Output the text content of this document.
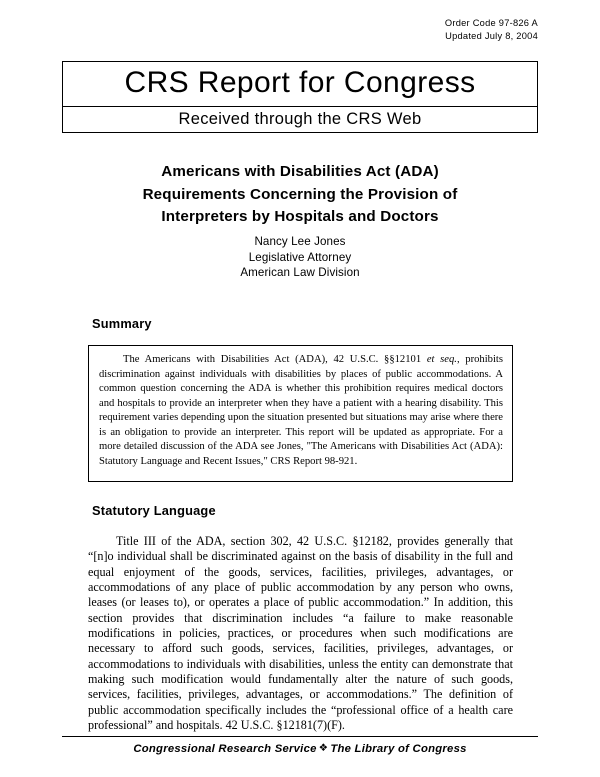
Order Code 97-826 A
Updated July 8, 2004
CRS Report for Congress
Received through the CRS Web
Americans with Disabilities Act (ADA)
Requirements Concerning the Provision of
Interpreters by Hospitals and Doctors
Nancy Lee Jones
Legislative Attorney
American Law Division
Summary
The Americans with Disabilities Act (ADA), 42 U.S.C. §§12101 et seq., prohibits discrimination against individuals with disabilities by places of public accommodations. A common question concerning the ADA is whether this prohibition requires medical doctors and hospitals to provide an interpreter when they have a patient with a hearing disability. This requirement varies depending upon the situation presented but situations may arise where there is an obligation to provide an interpreter. This report will be updated as appropriate. For a more detailed discussion of the ADA see Jones, "The Americans with Disabilities Act (ADA): Statutory Language and Recent Issues," CRS Report 98-921.
Statutory Language
Title III of the ADA, section 302, 42 U.S.C. §12182, provides generally that “[n]o individual shall be discriminated against on the basis of disability in the full and equal enjoyment of the goods, services, facilities, privileges, advantages, or accommodations of any place of public accommodation by any person who owns, leases (or leases to), or operates a place of public accommodation.” In addition, this section provides that discrimination includes “a failure to make reasonable modifications in policies, practices, or procedures when such modifications are necessary to afford such goods, services, facilities, privileges, advantages, or accommodations to individuals with disabilities, unless the entity can demonstrate that making such modification would fundamentally alter the nature of such goods, services, facilities, privileges, advantages, or accommodations.” The definition of public accommodation specifically includes the “professional office of a health care professional” and hospitals. 42 U.S.C. §12181(7)(F).
Congressional Research Service ❖ The Library of Congress
